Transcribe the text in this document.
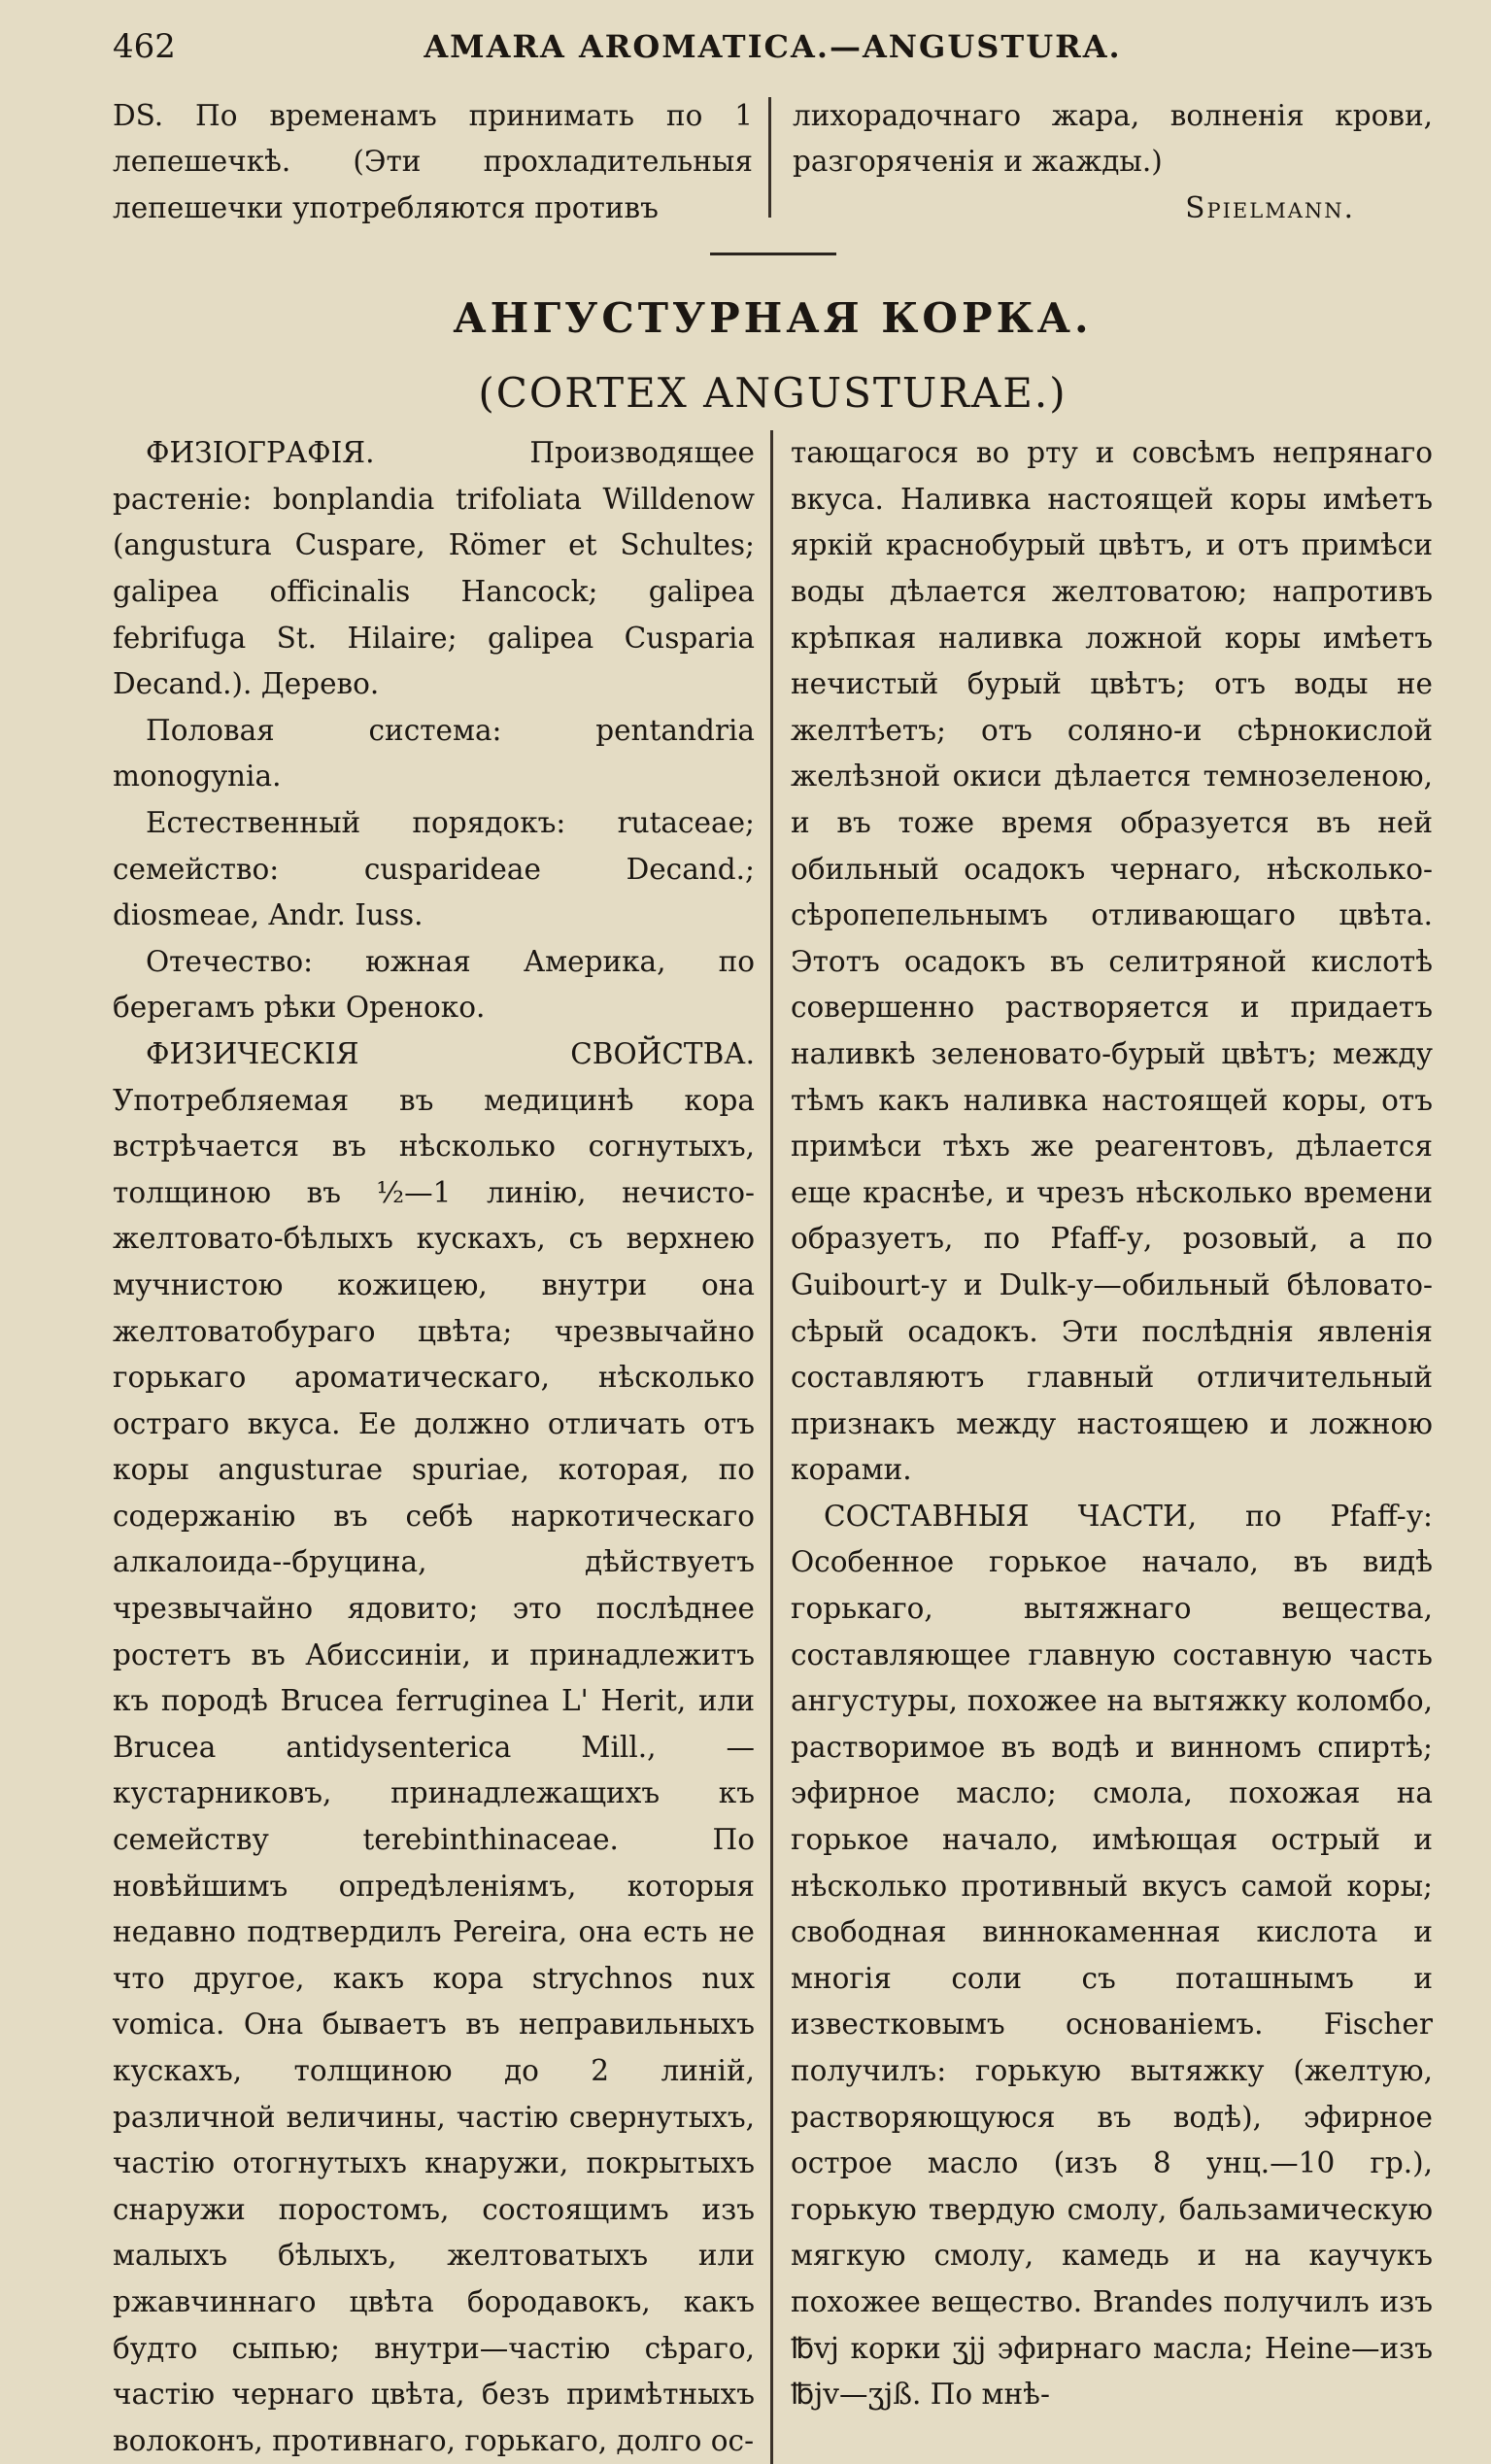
462	AMARA AROMATICA.—ANGUSTURA.

DS. По временамъ принимать по 1 лепешечкѣ. (Эти прохладительныя лепешечки употребляются противъ

лихорадочнаго жара, волненія крови, разгоряченія и жажды.)

Spielmann.

АНГУСТУРНАЯ КОРКА.
(CORTEX ANGUSTURAE.)

ФИЗІОГРАФІЯ. Производящее растеніе: bonplandia trifoliata Willdenow (angustura Cuspare, Römer et Schultes; galipea officinalis Hancock; galipea febrifuga St. Hilaire; galipea Cusparia Decand.). Дерево.

Половая система: pentandria monogynia.

Естественный порядокъ: rutaceae; семейство: cusparideae Decand.; diosmeae, Andr. Iuss.

Отечество: южная Америка, по берегамъ рѣки Ореноко.

ФИЗИЧЕСКІЯ СВОЙСТВА. Употребляемая въ медицинѣ кора встрѣчается въ нѣсколько согнутыхъ, толщиною въ ½—1 линію, нечисто-желтовато-бѣлыхъ кускахъ, съ верхнею мучнистою кожицею, внутри она желтоватобураго цвѣта; чрезвычайно горькаго ароматическаго, нѣсколько остраго вкуса. Ее должно отличать отъ коры angusturae spuriae, которая, по содержанію въ себѣ наркотическаго алкалоида--бруцина, дѣйствуетъ чрезвычайно ядовито; это послѣднее ростетъ въ Абиссиніи, и принадлежитъ къ породѣ Brucea ferruginea L' Herit, или Brucea antidysenterica Mill., —кустарниковъ, принадлежащихъ къ семейству terebinthinaceae. По новѣйшимъ опредѣленіямъ, которыя недавно подтвердилъ Pereira, она есть не что другое, какъ кора strychnos nux vomica. Она бываетъ въ неправильныхъ кускахъ, толщиною до 2 линій, различной величины, частію свернутыхъ, частію отогнутыхъ кнаружи, покрытыхъ снаружи поростомъ, состоящимъ изъ малыхъ бѣлыхъ, желтоватыхъ или ржавчиннаго цвѣта бородавокъ, какъ будто сыпью; внутри—частію сѣраго, частію чернаго цвѣта, безъ примѣтныхъ волоконъ, противнаго, горькаго, долго ос-

тающагося во рту и совсѣмъ непрянаго вкуса. Наливка настоящей коры имѣетъ яркій краснобурый цвѣтъ, и отъ примѣси воды дѣлается желтоватою; напротивъ крѣпкая наливка ложной коры имѣетъ нечистый бурый цвѣтъ; отъ воды не желтѣетъ; отъ соляно-и сѣрнокислой желѣзной окиси дѣлается темнозеленою, и въ тоже время образуется въ ней обильный осадокъ чернаго, нѣсколько-сѣропепельнымъ отливающаго цвѣта. Этотъ осадокъ въ селитряной кислотѣ совершенно растворяется и придаетъ наливкѣ зеленовато-бурый цвѣтъ; между тѣмъ какъ наливка настоящей коры, отъ примѣси тѣхъ же реагентовъ, дѣлается еще краснѣе, и чрезъ нѣсколько времени образуетъ, по Pfaff-у, розовый, а по Guibourt-у и Dulk-у—обильный бѣловато-сѣрый осадокъ. Эти послѣднія явленія составляютъ главный отличительный признакъ между настоящею и ложною корами.

СОСТАВНЫЯ ЧАСТИ, по Pfaff-у: Особенное горькое начало, въ видѣ горькаго, вытяжнаго вещества, составляющее главную составную часть ангустуры, похожее на вытяжку коломбо, растворимое въ водѣ и винномъ спиртѣ; эфирное масло; смола, похожая на горькое начало, имѣющая острый и нѣсколько противный вкусъ самой коры; свободная виннокаменная кислота и многія соли съ поташнымъ и известковымъ основаніемъ. Fischer получилъ: горькую вытяжку (желтую, растворяющуюся въ водѣ), эфирное острое масло (изъ 8 унц.—10 гр.), горькую твердую смолу, бальзамическую мягкую смолу, камедь и на каучукъ похожее вещество. Brandes получилъ изъ ℔vj корки ʒjj эфирнаго масла; Heine—изъ ℔jv—ʒjß. По мнѣ-
